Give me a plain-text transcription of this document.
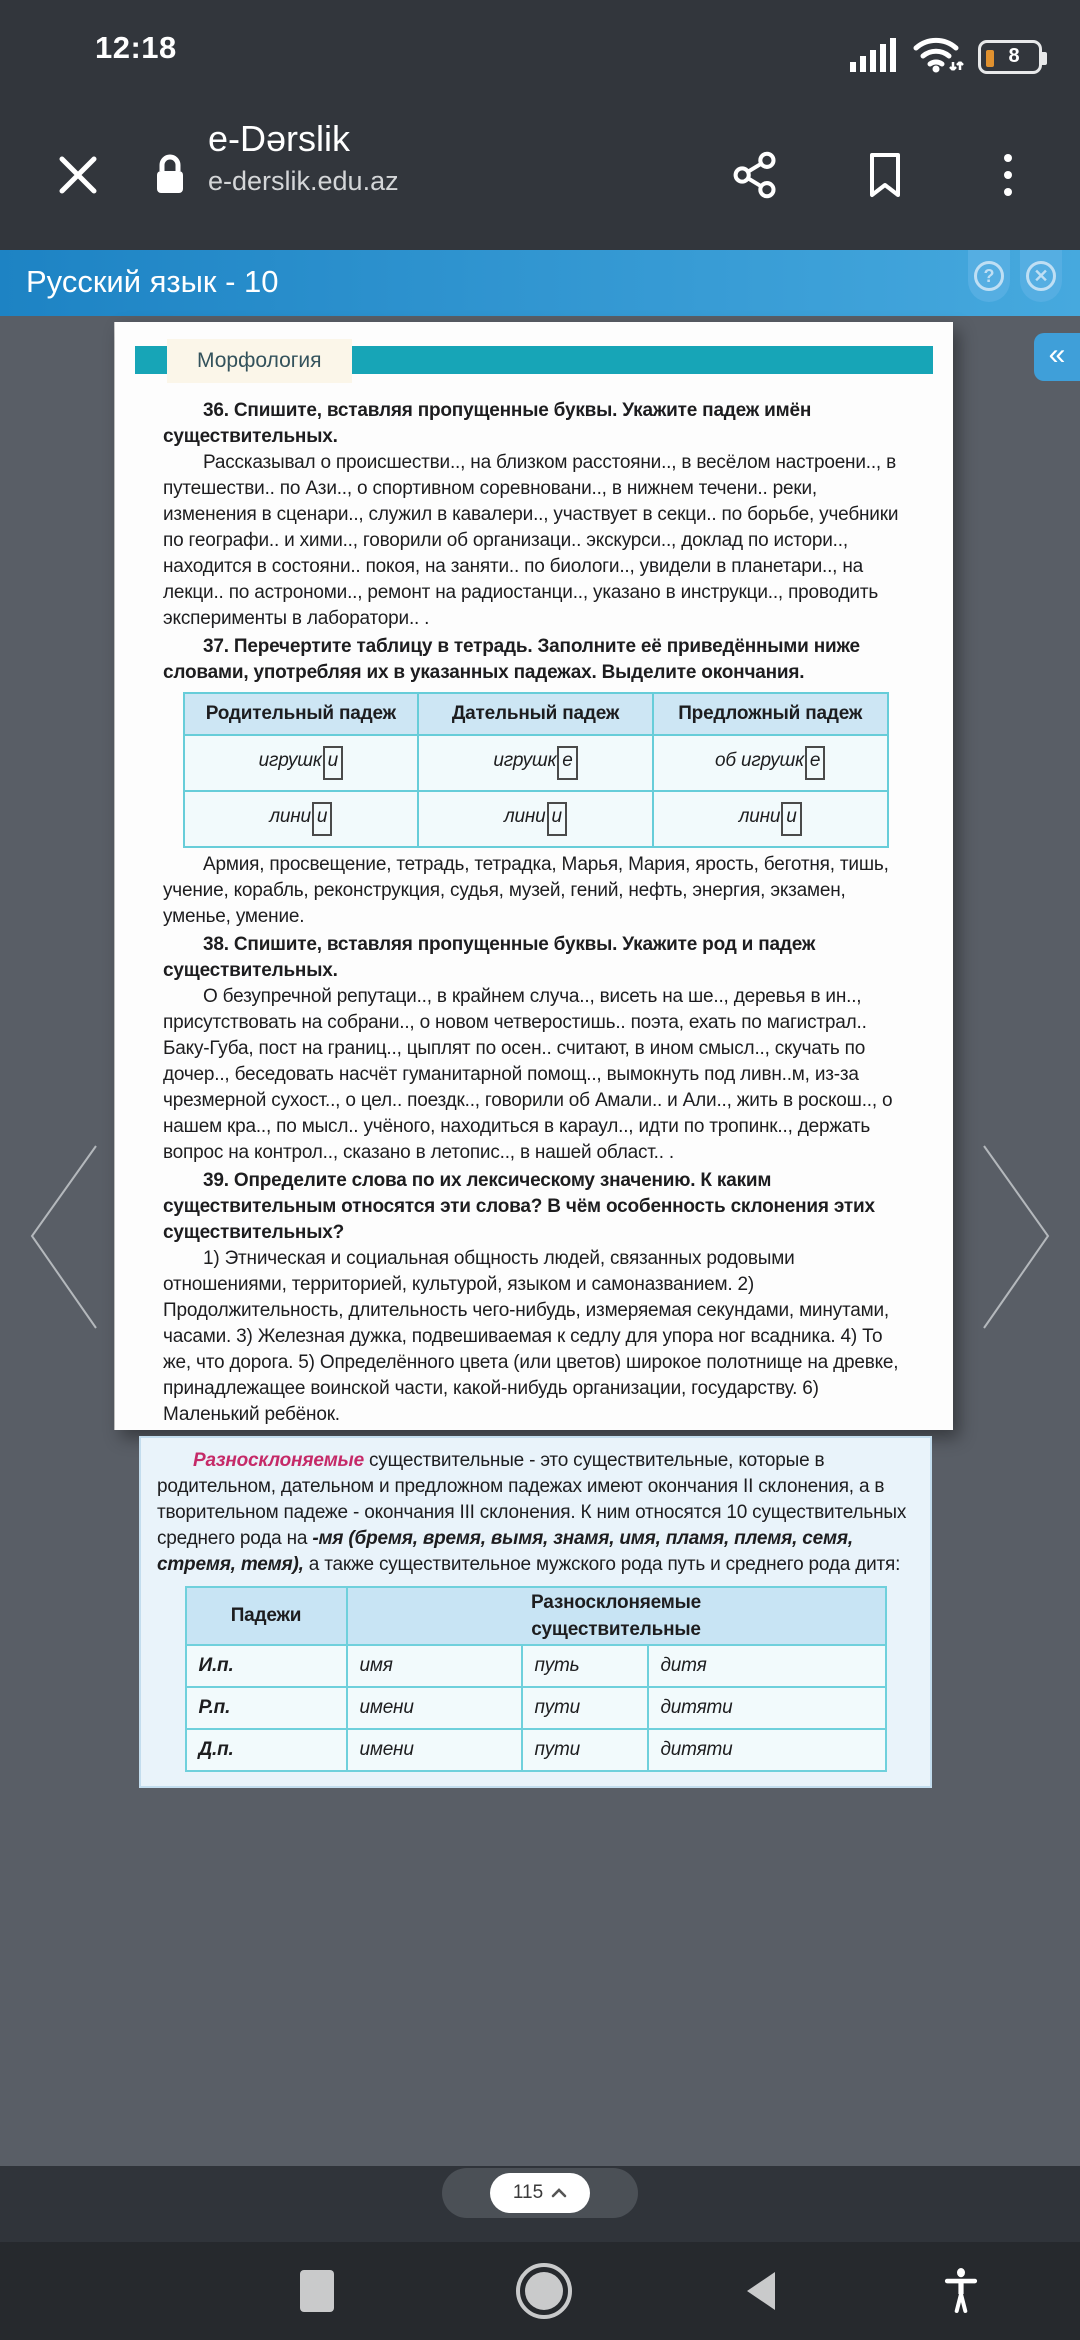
12:18	8
e-Dərslik
e-derslik.edu.az
Русский язык - 10	?	✕
Морфология

36. Спишите, вставляя пропущенные буквы. Укажите падеж имён существительных.

Рассказывал о происшестви.., на близком расстояни.., в весёлом настроени.., в путешестви.. по Ази.., о спортивном соревновани.., в нижнем течени.. реки, изменения в сценари.., служил в кавалери.., участвует в секци.. по борьбе, учебники по географи.. и хими.., говорили об организаци.. экскурси.., доклад по истори.., находится в состояни.. покоя, на заняти.. по биологи.., увидели в планетари.., на лекци.. по астрономи.., ремонт на радиостанци.., указано в инструкци.., проводить эксперименты в лаборатори.. .

37. Перечертите таблицу в тетрадь. Заполните её приведёнными ниже словами, употребляя их в указанных падежах. Выделите окончания.

Родительный падеж	Дательный падеж	Предложный падеж
игрушк и	игрушк е	об игрушк е
лини и	лини и	лини и

Армия, просвещение, тетрадь, тетрадка, Марья, Мария, ярость, беготня, тишь, учение, корабль, реконструкция, судья, музей, гений, нефть, энергия, экзамен, уменье, умение.

38. Спишите, вставляя пропущенные буквы. Укажите род и падеж существительных.

О безупречной репутаци.., в крайнем случа.., висеть на ше.., деревья в ин.., присутствовать на собрани.., о новом четверостишь.. поэта, ехать по магистрал.. Баку-Губа, пост на границ.., цыплят по осен.. считают, в ином смысл.., скучать по дочер.., беседовать насчёт гуманитарной помощ.., вымокнуть под ливн..м, из-за чрезмерной сухост.., о цел.. поездк.., говорили об Амали.. и Али.., жить в роскош.., о нашем кра.., по мысл.. учёного, находиться в караул.., идти по тропинк.., держать вопрос на контрол.., сказано в летопис.., в нашей област.. .

39. Определите слова по их лексическому значению. К каким существительным относятся эти слова? В чём особенность склонения этих существительных?

1) Этническая и социальная общность людей, связанных родовыми отношениями, территорией, культурой, языком и самоназванием. 2) Продолжительность, длительность чего-нибудь, измеряемая секундами, минутами, часами. 3) Железная дужка, подвешиваемая к седлу для упора ног всадника. 4) То же, что дорога. 5) Определённого цвета (или цветов) широкое полотнище на древке, принадлежащее воинской части, какой-нибудь организации, государству. 6) Маленький ребёнок.

Разносклоняемые существительные - это существительные, которые в родительном, дательном и предложном падежах имеют окончания II склонения, а в творительном падеже - окончания III склонения. К ним относятся 10 существительных среднего рода на -мя (бремя, время, вымя, знамя, имя, пламя, племя, семя, стремя, темя), а также существительное мужского рода путь и среднего рода дитя:

Падежи	Разносклоняемые существительные		
И.п.	имя	путь	дитя
Р.п.	имени	пути	дитяти
Д.п.	имени	пути	дитяти
«
115
